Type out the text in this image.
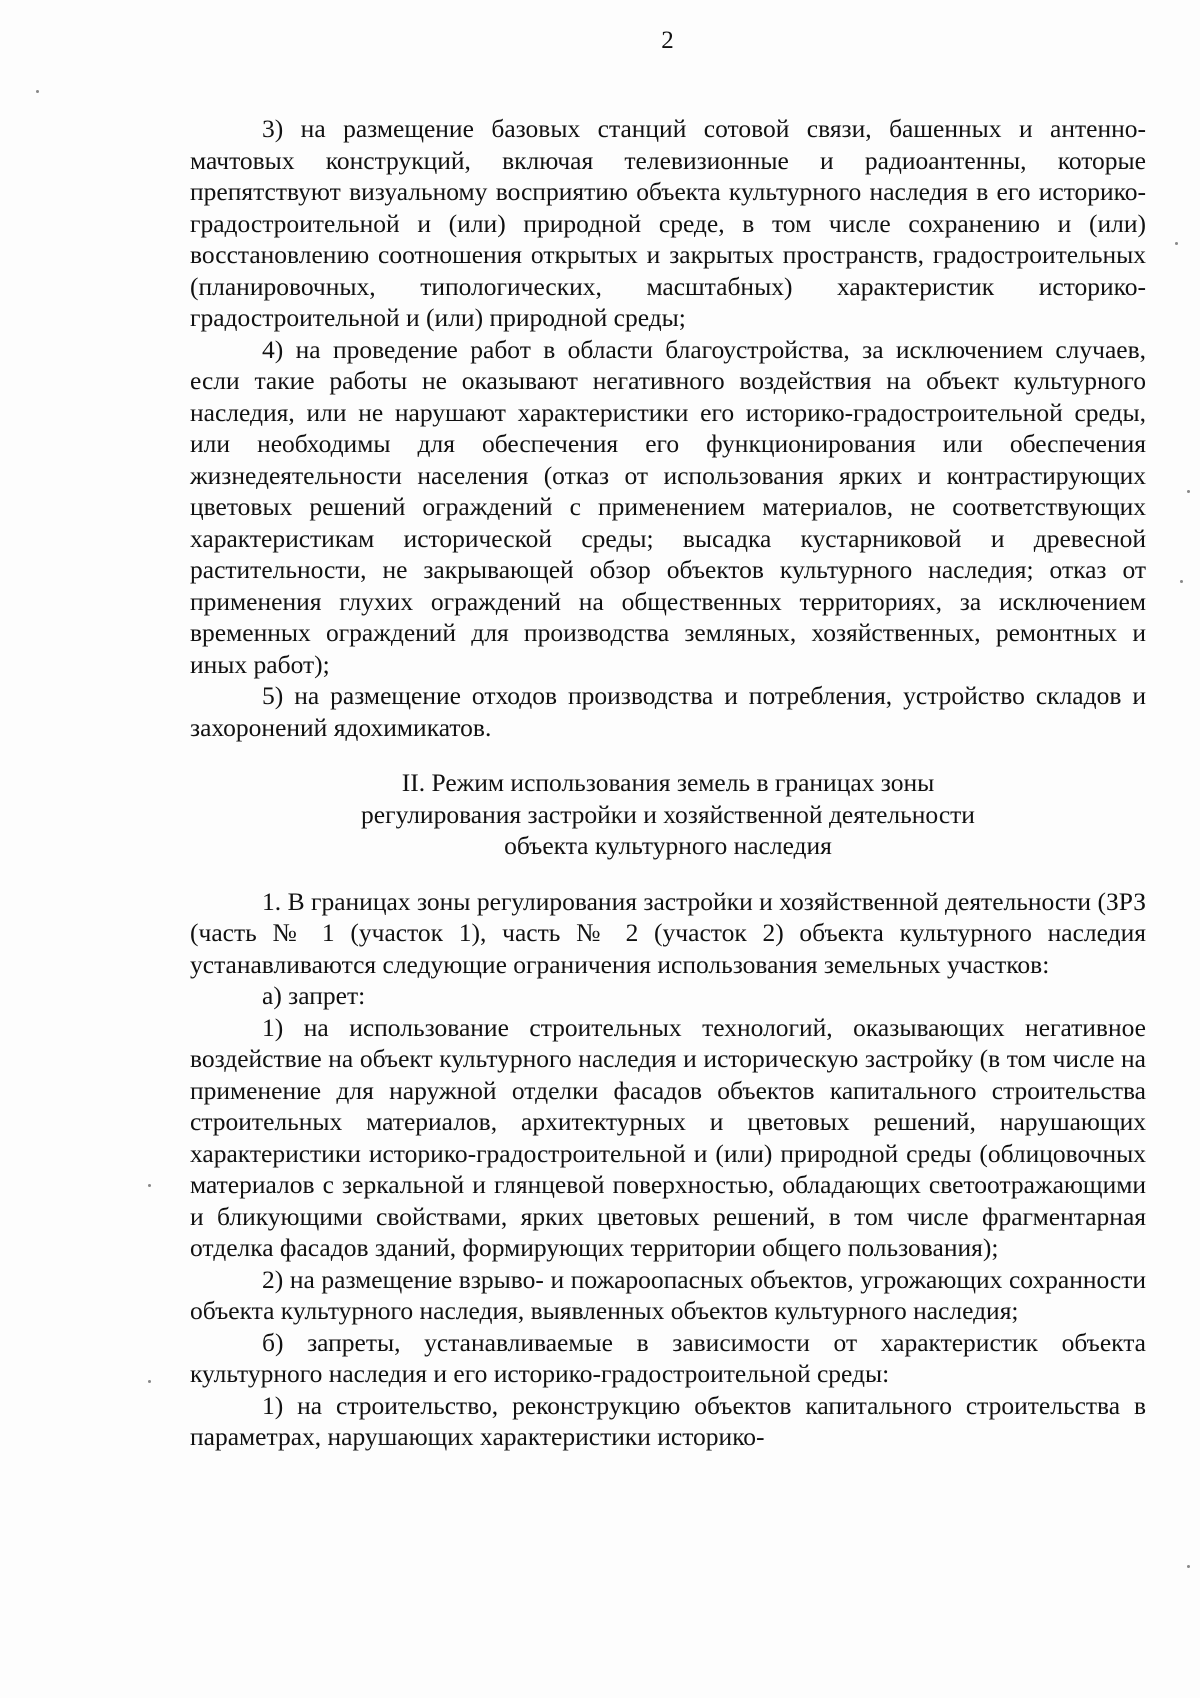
2

3) на размещение базовых станций сотовой связи, башенных и антенно-мачтовых конструкций, включая телевизионные и радиоантенны, которые препятствуют визуальному восприятию объекта культурного наследия в его историко-градостроительной и (или) природной среде, в том числе сохранению и (или) восстановлению соотношения открытых и закрытых пространств, градостроительных (планировочных, типологических, масштабных) характеристик историко-градостроительной и (или) природной среды;

4) на проведение работ в области благоустройства, за исключением случаев, если такие работы не оказывают негативного воздействия на объект культурного наследия, или не нарушают характеристики его историко-градостроительной среды, или необходимы для обеспечения его функционирования или обеспечения жизнедеятельности населения (отказ от использования ярких и контрастирующих цветовых решений ограждений с применением материалов, не соответствующих характеристикам исторической среды; высадка кустарниковой и древесной растительности, не закрывающей обзор объектов культурного наследия; отказ от применения глухих ограждений на общественных территориях, за исключением временных ограждений для производства земляных, хозяйственных, ремонтных и иных работ);

5) на размещение отходов производства и потребления, устройство складов и захоронений ядохимикатов.

II. Режим использования земель в границах зоны
регулирования застройки и хозяйственной деятельности
объекта культурного наследия

1. В границах зоны регулирования застройки и хозяйственной деятельности (ЗРЗ (часть № 1 (участок 1), часть № 2 (участок 2) объекта культурного наследия устанавливаются следующие ограничения использования земельных участков:

а) запрет:

1) на использование строительных технологий, оказывающих негативное воздействие на объект культурного наследия и историческую застройку (в том числе на применение для наружной отделки фасадов объектов капитального строительства строительных материалов, архитектурных и цветовых решений, нарушающих характеристики историко-градостроительной и (или) природной среды (облицовочных материалов с зеркальной и глянцевой поверхностью, обладающих светоотражающими и бликующими свойствами, ярких цветовых решений, в том числе фрагментарная отделка фасадов зданий, формирующих территории общего пользования);

2) на размещение взрыво- и пожароопасных объектов, угрожающих сохранности объекта культурного наследия, выявленных объектов культурного наследия;

б) запреты, устанавливаемые в зависимости от характеристик объекта культурного наследия и его историко-градостроительной среды:

1) на строительство, реконструкцию объектов капитального строительства в параметрах, нарушающих характеристики историко-
